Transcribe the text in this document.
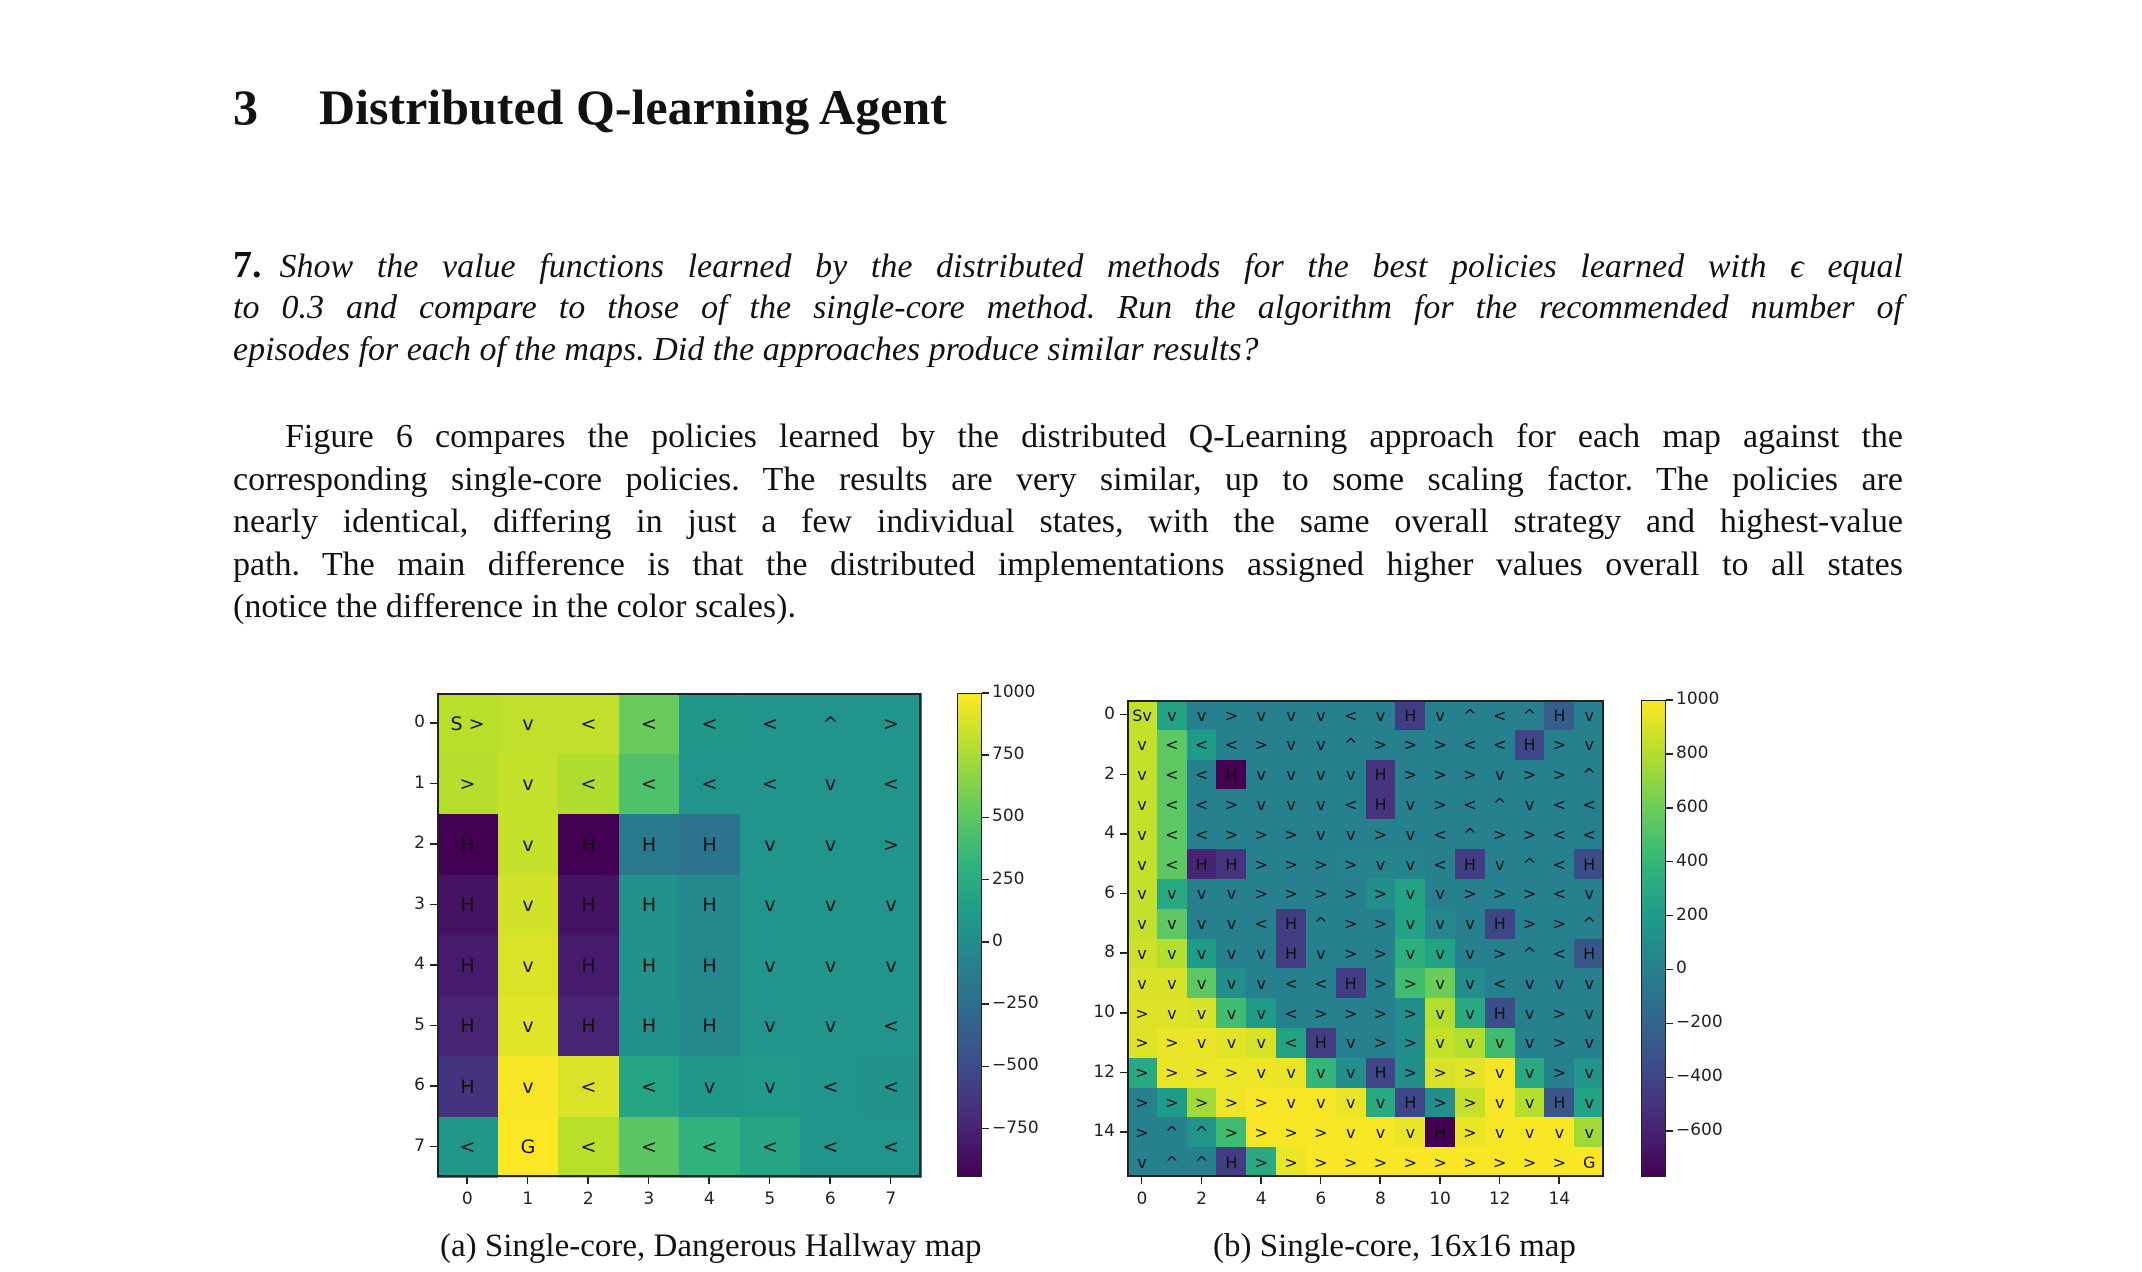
3 Distributed Q-learning Agent
7. Show the value functions learned by the distributed methods for the best policies learned with ϵ equal
to 0.3 and compare to those of the single-core method. Run the algorithm for the recommended number of
episodes for each of the maps. Did the approaches produce similar results?
Figure 6 compares the policies learned by the distributed Q-Learning approach for each map against the
corresponding single-core policies. The results are very similar, up to some scaling factor. The policies are
nearly identical, differing in just a few individual states, with the same overall strategy and highest-value
path. The main difference is that the distributed implementations assigned higher values overall to all states
(notice the difference in the color scales).
S >	v	<	<	<	<	^	>
>	v	<	<	<	<	v	<
H	v	H	H	H	v	v	>
H	v	H	H	H	v	v	v
H	v	H	H	H	v	v	v
H	v	H	H	H	v	v	<
H	v	<	<	v	v	<	<
<	G	<	<	<	<	<	<
0
0
1
1
2
2
3
3
4
4
5
5
6
6
7
7
1000
750
500
250
0
−250
−500
−750
Sv v	v	>	v	v	v	<	v	H	v	^	<	^	H	v
v	<	<	<	>	v	v	^	>	>	>	<	<	H	>	v
v	<	<	H	v	v	v	v	H	>	>	>	v	>	>	^
v	<	<	>	v	v	v	<	H	v	>	<	^	v	<	<
v	<	<	>	>	>	v	v	>	v	<	^	>	>	<	<
v	<	H	H	>	>	>	>	v	v	<	H	v	^	<	H
v	v	v	v	>	>	>	>	>	v	v	>	>	>	<	v
v	v	v	v	<	H	^	>	>	v	v	v	H	>	>	^
v	v	v	v	v	H	v	>	>	v	v	v	>	^	<	H
v	v	v	v	v	<	<	H	>	>	v	v	<	v	v	v
>	v	v	v	v	<	>	>	>	>	v	v	H	v	>	v
>	>	v	v	v	<	H	v	>	>	v	v	v	v	>	v
>	>	>	>	v	v	v	v	H	>	>	>	v	v	>	v
>	>	>	>	>	v	v	v	v	H	>	>	v	v	H	v
>	^	^	>	>	>	>	v	v	v	H	>	v	v	v	v
v	^	^	H	>	>	>	>	>	>	>	>	>	>	>	G
0
0
2
2
4
4
6
6
8
8
10
10
12
12
14
14
1000
800
600
400
200
0
−200
−400
−600
(a) Single-core, Dangerous Hallway map	(b) Single-core, 16x16 map
